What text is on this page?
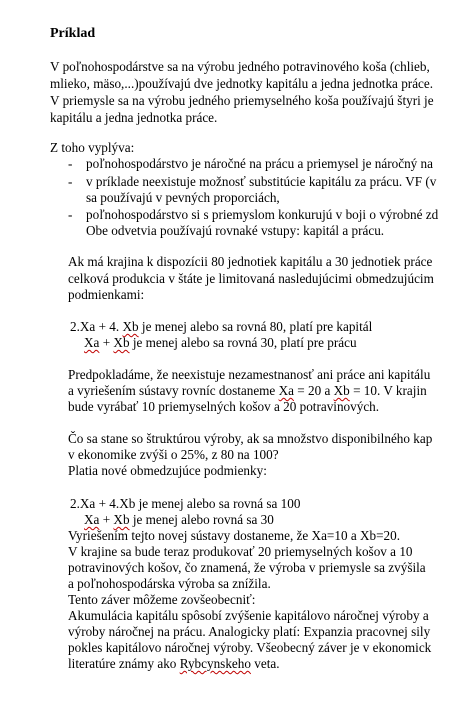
Príklad
V poľnohospodárstve sa na výrobu jedného potravinového koša (chlieb,
mlieko, mäso,...)používajú dve jednotky kapitálu a jedna jednotka práce.
V priemysle sa na výrobu jedného priemyselného koša používajú štyri je
kapitálu a jedna jednotka práce.
Z toho vyplýva:
- poľnohospodárstvo je náročné na prácu a priemysel je náročný na
- v príklade neexistuje možnosť substitúcie kapitálu za prácu. VF (v
sa používajú v pevných proporciách,
- poľnohospodárstvo si s priemyslom konkurujú v boji o výrobné zd
Obe odvetvia používajú rovnaké vstupy: kapitál a prácu.
Ak má krajina k dispozícii 80 jednotiek kapitálu a 30 jednotiek práce
celková produkcia v štáte je limitovaná nasledujúcimi obmedzujúcim
podmienkami:
2.Xa + 4. Xb je menej alebo sa rovná 80, platí pre kapitál
Xa + Xb je menej alebo sa rovná 30, platí pre prácu
Predpokladáme, že neexistuje nezamestnanosť ani práce ani kapitálu
a vyriešením sústavy rovníc dostaneme Xa = 20 a Xb = 10. V krajin
bude vyrábať 10 priemyselných košov a 20 potravinových.
Čo sa stane so štruktúrou výroby, ak sa množstvo disponibilného kap
v ekonomike zvýši o 25%, z 80 na 100?
Platia nové obmedzujúce podmienky:
2.Xa + 4.Xb je menej alebo sa rovná sa 100
Xa + Xb je menej alebo rovná sa 30
Vyriešením tejto novej sústavy dostaneme, že Xa=10 a Xb=20.
V krajine sa bude teraz produkovať 20 priemyselných košov a 10
potravinových košov, čo znamená, že výroba v priemysle sa zvýšila
a poľnohospodárska výroba sa znížila.
Tento záver môžeme zovšeobecniť:
Akumulácia kapitálu spôsobí zvýšenie kapitálovo náročnej výroby a
výroby náročnej na prácu. Analogicky platí: Expanzia pracovnej sily
pokles kapitálovo náročnej výroby. Všeobecný záver je v ekonomick
literatúre známy ako Rybcynskeho veta.
